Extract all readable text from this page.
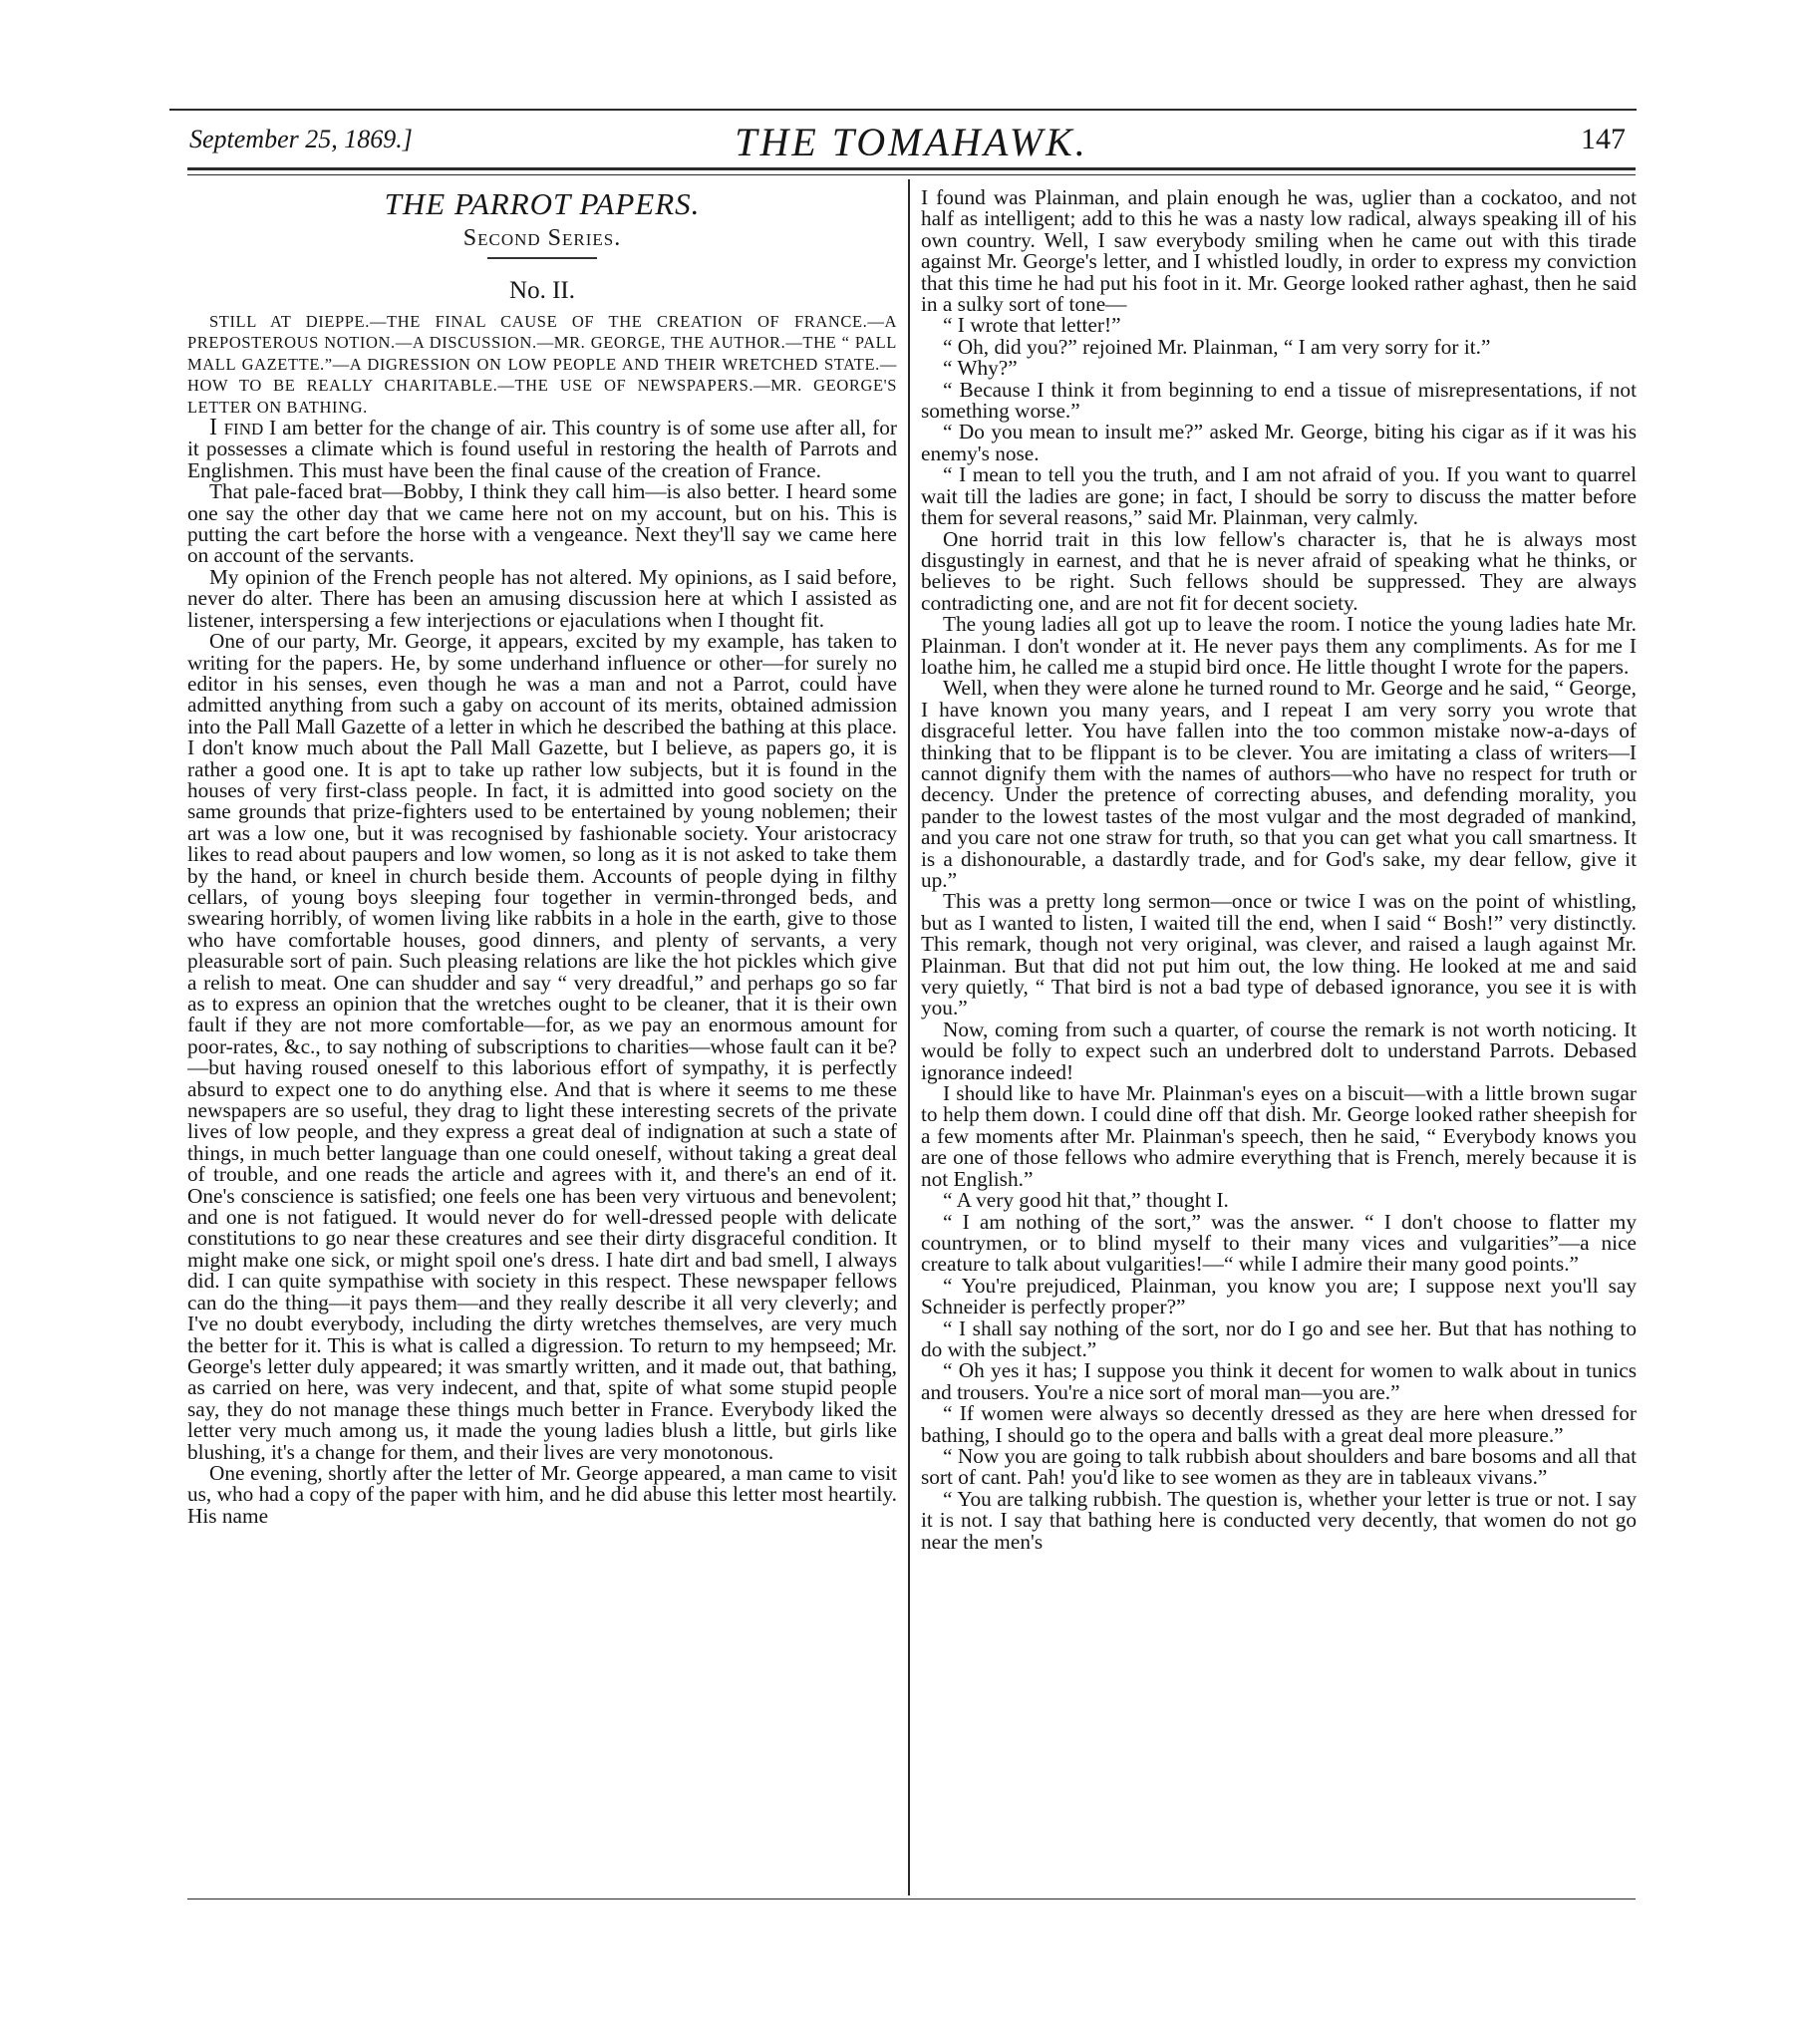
September 25, 1869.]	THE TOMAHAWK.	147
THE PARROT PAPERS.
Second Series.
No. II.

STILL AT DIEPPE.—THE FINAL CAUSE OF THE CREATION OF FRANCE.—A PREPOSTEROUS NOTION.—A DISCUSSION.—MR. GEORGE, THE AUTHOR.—THE “ PALL MALL GAZETTE.”—A DIGRESSION ON LOW PEOPLE AND THEIR WRETCHED STATE.—HOW TO BE REALLY CHARITABLE.—THE USE OF NEWSPAPERS.—MR. GEORGE'S LETTER ON BATHING.

I find I am better for the change of air. This country is of some use after all, for it possesses a climate which is found useful in restoring the health of Parrots and Englishmen. This must have been the final cause of the creation of France.

That pale-faced brat—Bobby, I think they call him—is also better. I heard some one say the other day that we came here not on my account, but on his. This is putting the cart before the horse with a vengeance. Next they'll say we came here on account of the servants.

My opinion of the French people has not altered. My opinions, as I said before, never do alter. There has been an amusing discussion here at which I assisted as listener, interspersing a few interjections or ejaculations when I thought fit.

One of our party, Mr. George, it appears, excited by my example, has taken to writing for the papers. He, by some underhand influence or other—for surely no editor in his senses, even though he was a man and not a Parrot, could have admitted anything from such a gaby on account of its merits, obtained admission into the Pall Mall Gazette of a letter in which he described the bathing at this place. I don't know much about the Pall Mall Gazette, but I believe, as papers go, it is rather a good one. It is apt to take up rather low subjects, but it is found in the houses of very first-class people. In fact, it is admitted into good society on the same grounds that prize-fighters used to be entertained by young noblemen; their art was a low one, but it was recognised by fashionable society. Your aristocracy likes to read about paupers and low women, so long as it is not asked to take them by the hand, or kneel in church beside them. Accounts of people dying in filthy cellars, of young boys sleeping four together in vermin-thronged beds, and swearing horribly, of women living like rabbits in a hole in the earth, give to those who have comfortable houses, good dinners, and plenty of servants, a very pleasurable sort of pain. Such pleasing relations are like the hot pickles which give a relish to meat. One can shudder and say “ very dreadful,” and perhaps go so far as to express an opinion that the wretches ought to be cleaner, that it is their own fault if they are not more comfortable—for, as we pay an enormous amount for poor-rates, &c., to say nothing of subscriptions to charities—whose fault can it be?—but having roused oneself to this laborious effort of sympathy, it is perfectly absurd to expect one to do anything else. And that is where it seems to me these newspapers are so useful, they drag to light these interesting secrets of the private lives of low people, and they express a great deal of indignation at such a state of things, in much better language than one could oneself, without taking a great deal of trouble, and one reads the article and agrees with it, and there's an end of it. One's conscience is satisfied; one feels one has been very virtuous and benevolent; and one is not fatigued. It would never do for well-dressed people with delicate constitutions to go near these creatures and see their dirty disgraceful condition. It might make one sick, or might spoil one's dress. I hate dirt and bad smell, I always did. I can quite sympathise with society in this respect. These newspaper fellows can do the thing—it pays them—and they really describe it all very cleverly; and I've no doubt everybody, including the dirty wretches themselves, are very much the better for it. This is what is called a digression. To return to my hempseed; Mr. George's letter duly appeared; it was smartly written, and it made out, that bathing, as carried on here, was very indecent, and that, spite of what some stupid people say, they do not manage these things much better in France. Everybody liked the letter very much among us, it made the young ladies blush a little, but girls like blushing, it's a change for them, and their lives are very monotonous.

One evening, shortly after the letter of Mr. George appeared, a man came to visit us, who had a copy of the paper with him, and he did abuse this letter most heartily. His name

I found was Plainman, and plain enough he was, uglier than a cockatoo, and not half as intelligent; add to this he was a nasty low radical, always speaking ill of his own country. Well, I saw everybody smiling when he came out with this tirade against Mr. George's letter, and I whistled loudly, in order to express my conviction that this time he had put his foot in it. Mr. George looked rather aghast, then he said in a sulky sort of tone—

“ I wrote that letter!”

“ Oh, did you?” rejoined Mr. Plainman, “ I am very sorry for it.”

“ Why?”

“ Because I think it from beginning to end a tissue of misrepresentations, if not something worse.”

“ Do you mean to insult me?” asked Mr. George, biting his cigar as if it was his enemy's nose.

“ I mean to tell you the truth, and I am not afraid of you. If you want to quarrel wait till the ladies are gone; in fact, I should be sorry to discuss the matter before them for several reasons,” said Mr. Plainman, very calmly.

One horrid trait in this low fellow's character is, that he is always most disgustingly in earnest, and that he is never afraid of speaking what he thinks, or believes to be right. Such fellows should be suppressed. They are always contradicting one, and are not fit for decent society.

The young ladies all got up to leave the room. I notice the young ladies hate Mr. Plainman. I don't wonder at it. He never pays them any compliments. As for me I loathe him, he called me a stupid bird once. He little thought I wrote for the papers.

Well, when they were alone he turned round to Mr. George and he said, “ George, I have known you many years, and I repeat I am very sorry you wrote that disgraceful letter. You have fallen into the too common mistake now-a-days of thinking that to be flippant is to be clever. You are imitating a class of writers—I cannot dignify them with the names of authors—who have no respect for truth or decency. Under the pretence of correcting abuses, and defending morality, you pander to the lowest tastes of the most vulgar and the most degraded of mankind, and you care not one straw for truth, so that you can get what you call smartness. It is a dishonourable, a dastardly trade, and for God's sake, my dear fellow, give it up.”

This was a pretty long sermon—once or twice I was on the point of whistling, but as I wanted to listen, I waited till the end, when I said “ Bosh!” very distinctly. This remark, though not very original, was clever, and raised a laugh against Mr. Plainman. But that did not put him out, the low thing. He looked at me and said very quietly, “ That bird is not a bad type of debased ignorance, you see it is with you.”

Now, coming from such a quarter, of course the remark is not worth noticing. It would be folly to expect such an underbred dolt to understand Parrots. Debased ignorance indeed!

I should like to have Mr. Plainman's eyes on a biscuit—with a little brown sugar to help them down. I could dine off that dish. Mr. George looked rather sheepish for a few moments after Mr. Plainman's speech, then he said, “ Everybody knows you are one of those fellows who admire everything that is French, merely because it is not English.”

“ A very good hit that,” thought I.

“ I am nothing of the sort,” was the answer. “ I don't choose to flatter my countrymen, or to blind myself to their many vices and vulgarities”—a nice creature to talk about vulgarities!—“ while I admire their many good points.”

“ You're prejudiced, Plainman, you know you are; I suppose next you'll say Schneider is perfectly proper?”

“ I shall say nothing of the sort, nor do I go and see her. But that has nothing to do with the subject.”

“ Oh yes it has; I suppose you think it decent for women to walk about in tunics and trousers. You're a nice sort of moral man—you are.”

“ If women were always so decently dressed as they are here when dressed for bathing, I should go to the opera and balls with a great deal more pleasure.”

“ Now you are going to talk rubbish about shoulders and bare bosoms and all that sort of cant. Pah! you'd like to see women as they are in tableaux vivans.”

“ You are talking rubbish. The question is, whether your letter is true or not. I say it is not. I say that bathing here is conducted very decently, that women do not go near the men's
